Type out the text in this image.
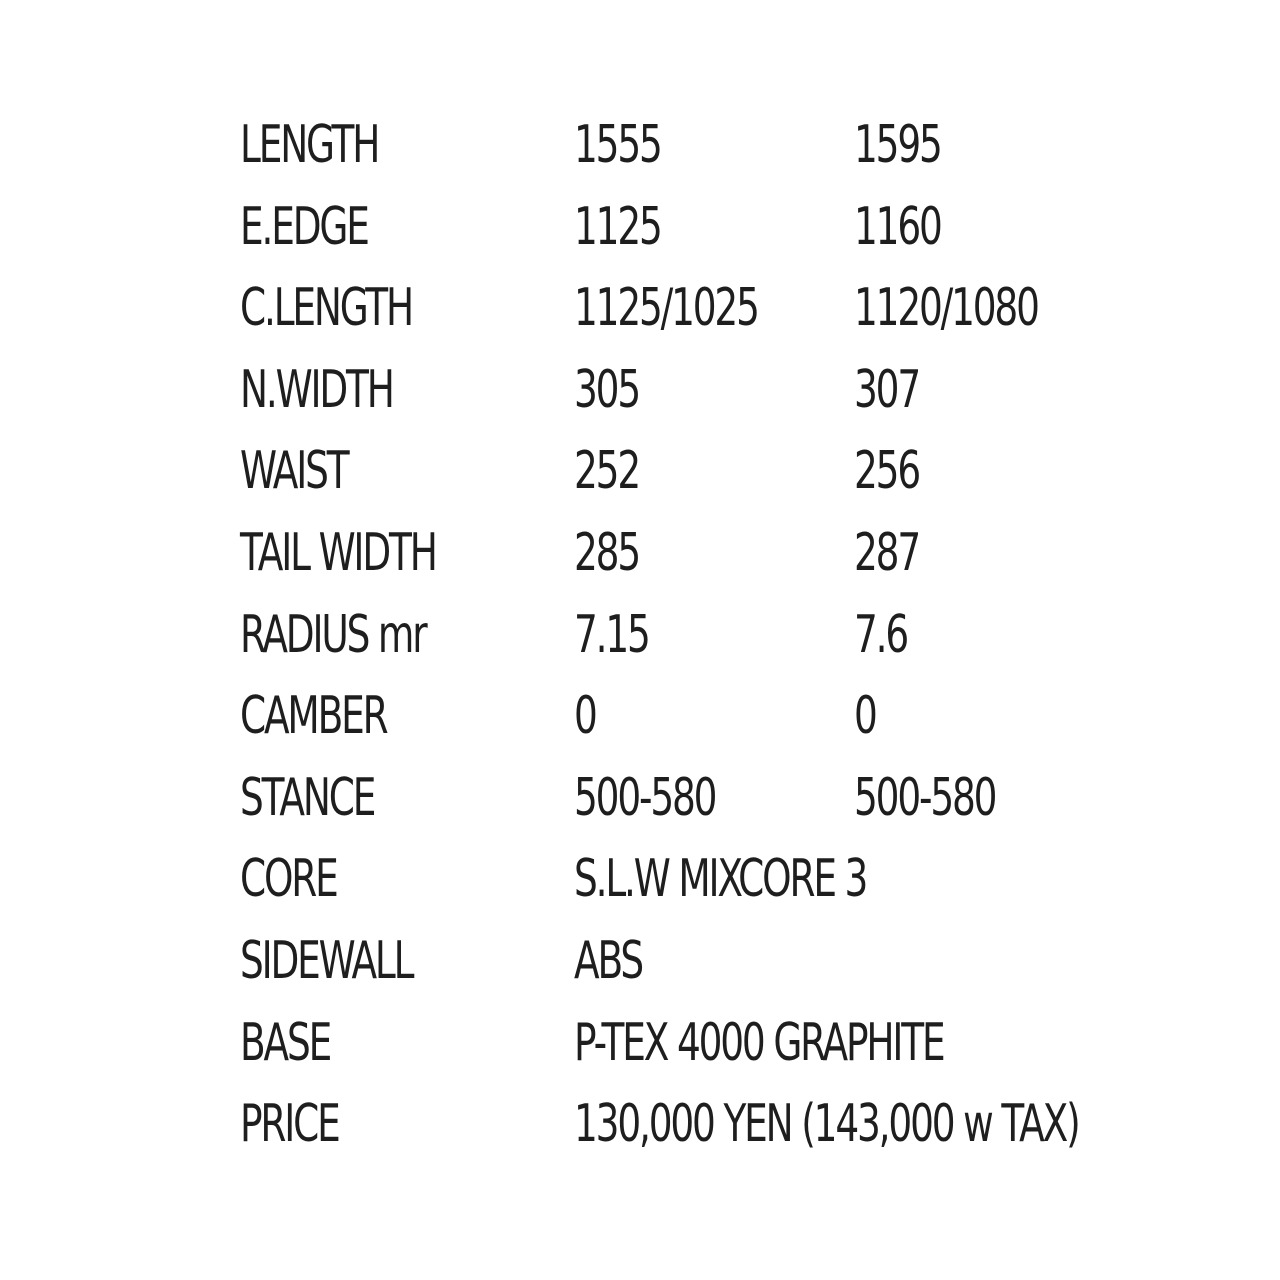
LENGTH	1555	1595
E.EDGE	1125	1160
C.LENGTH	1125/1025 1120/1080
N.WIDTH	305	307
WAIST	252	256
TAIL WIDTH	285	287
RADIUS mr	7.15	7.6
CAMBER	0	0
STANCE	500-580	500-580
CORE	S.L.W MIXCORE 3
SIDEWALL	ABS
BASE	P-TEX 4000 GRAPHITE
PRICE	130,000 YEN (143,000 w TAX)
